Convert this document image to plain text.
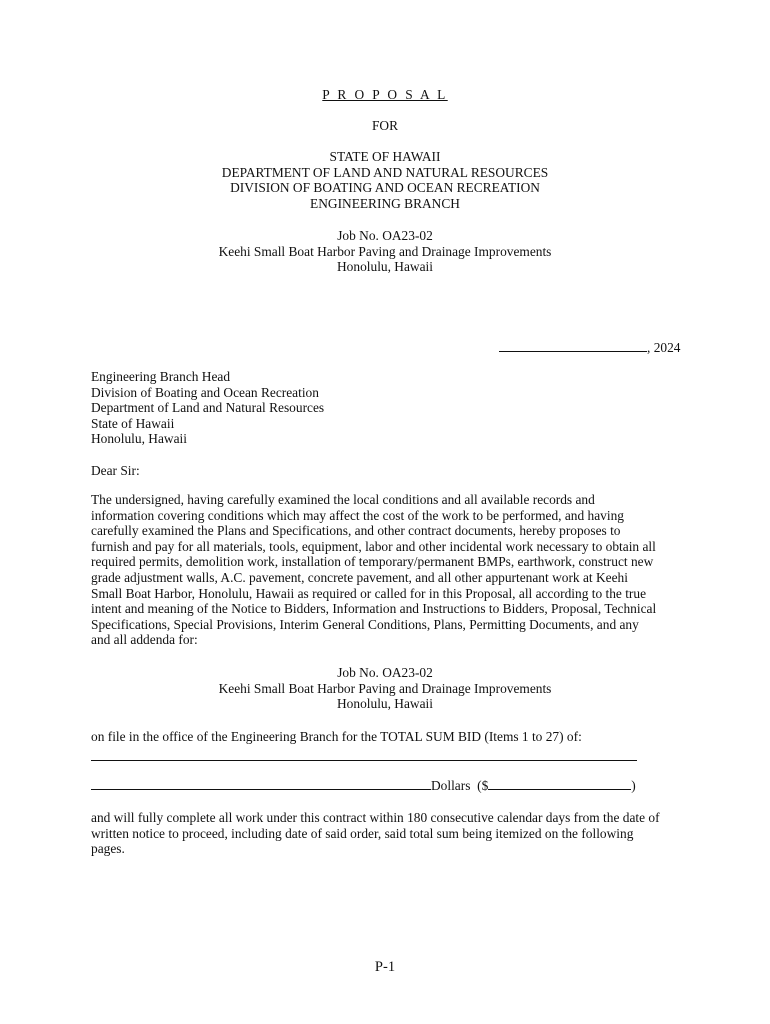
P R O P O S A L
FOR
STATE OF HAWAII
DEPARTMENT OF LAND AND NATURAL RESOURCES
DIVISION OF BOATING AND OCEAN RECREATION
ENGINEERING BRANCH
Job No. OA23-02
Keehi Small Boat Harbor Paving and Drainage Improvements
Honolulu, Hawaii
, 2024
Engineering Branch Head
Division of Boating and Ocean Recreation
Department of Land and Natural Resources
State of Hawaii
Honolulu, Hawaii
Dear Sir:
The undersigned, having carefully examined the local conditions and all available records and
information covering conditions which may affect the cost of the work to be performed, and having
carefully examined the Plans and Specifications, and other contract documents, hereby proposes to
furnish and pay for all materials, tools, equipment, labor and other incidental work necessary to obtain all
required permits, demolition work, installation of temporary/permanent BMPs, earthwork, construct new
grade adjustment walls, A.C. pavement, concrete pavement, and all other appurtenant work at Keehi
Small Boat Harbor, Honolulu, Hawaii as required or called for in this Proposal, all according to the true
intent and meaning of the Notice to Bidders, Information and Instructions to Bidders, Proposal, Technical
Specifications, Special Provisions, Interim General Conditions, Plans, Permitting Documents, and any
and all addenda for:
Job No. OA23-02
Keehi Small Boat Harbor Paving and Drainage Improvements
Honolulu, Hawaii
on file in the office of the Engineering Branch for the TOTAL SUM BID (Items 1 to 27) of:
Dollars ($	)
and will fully complete all work under this contract within 180 consecutive calendar days from the date of
written notice to proceed, including date of said order, said total sum being itemized on the following
pages.
P-1
